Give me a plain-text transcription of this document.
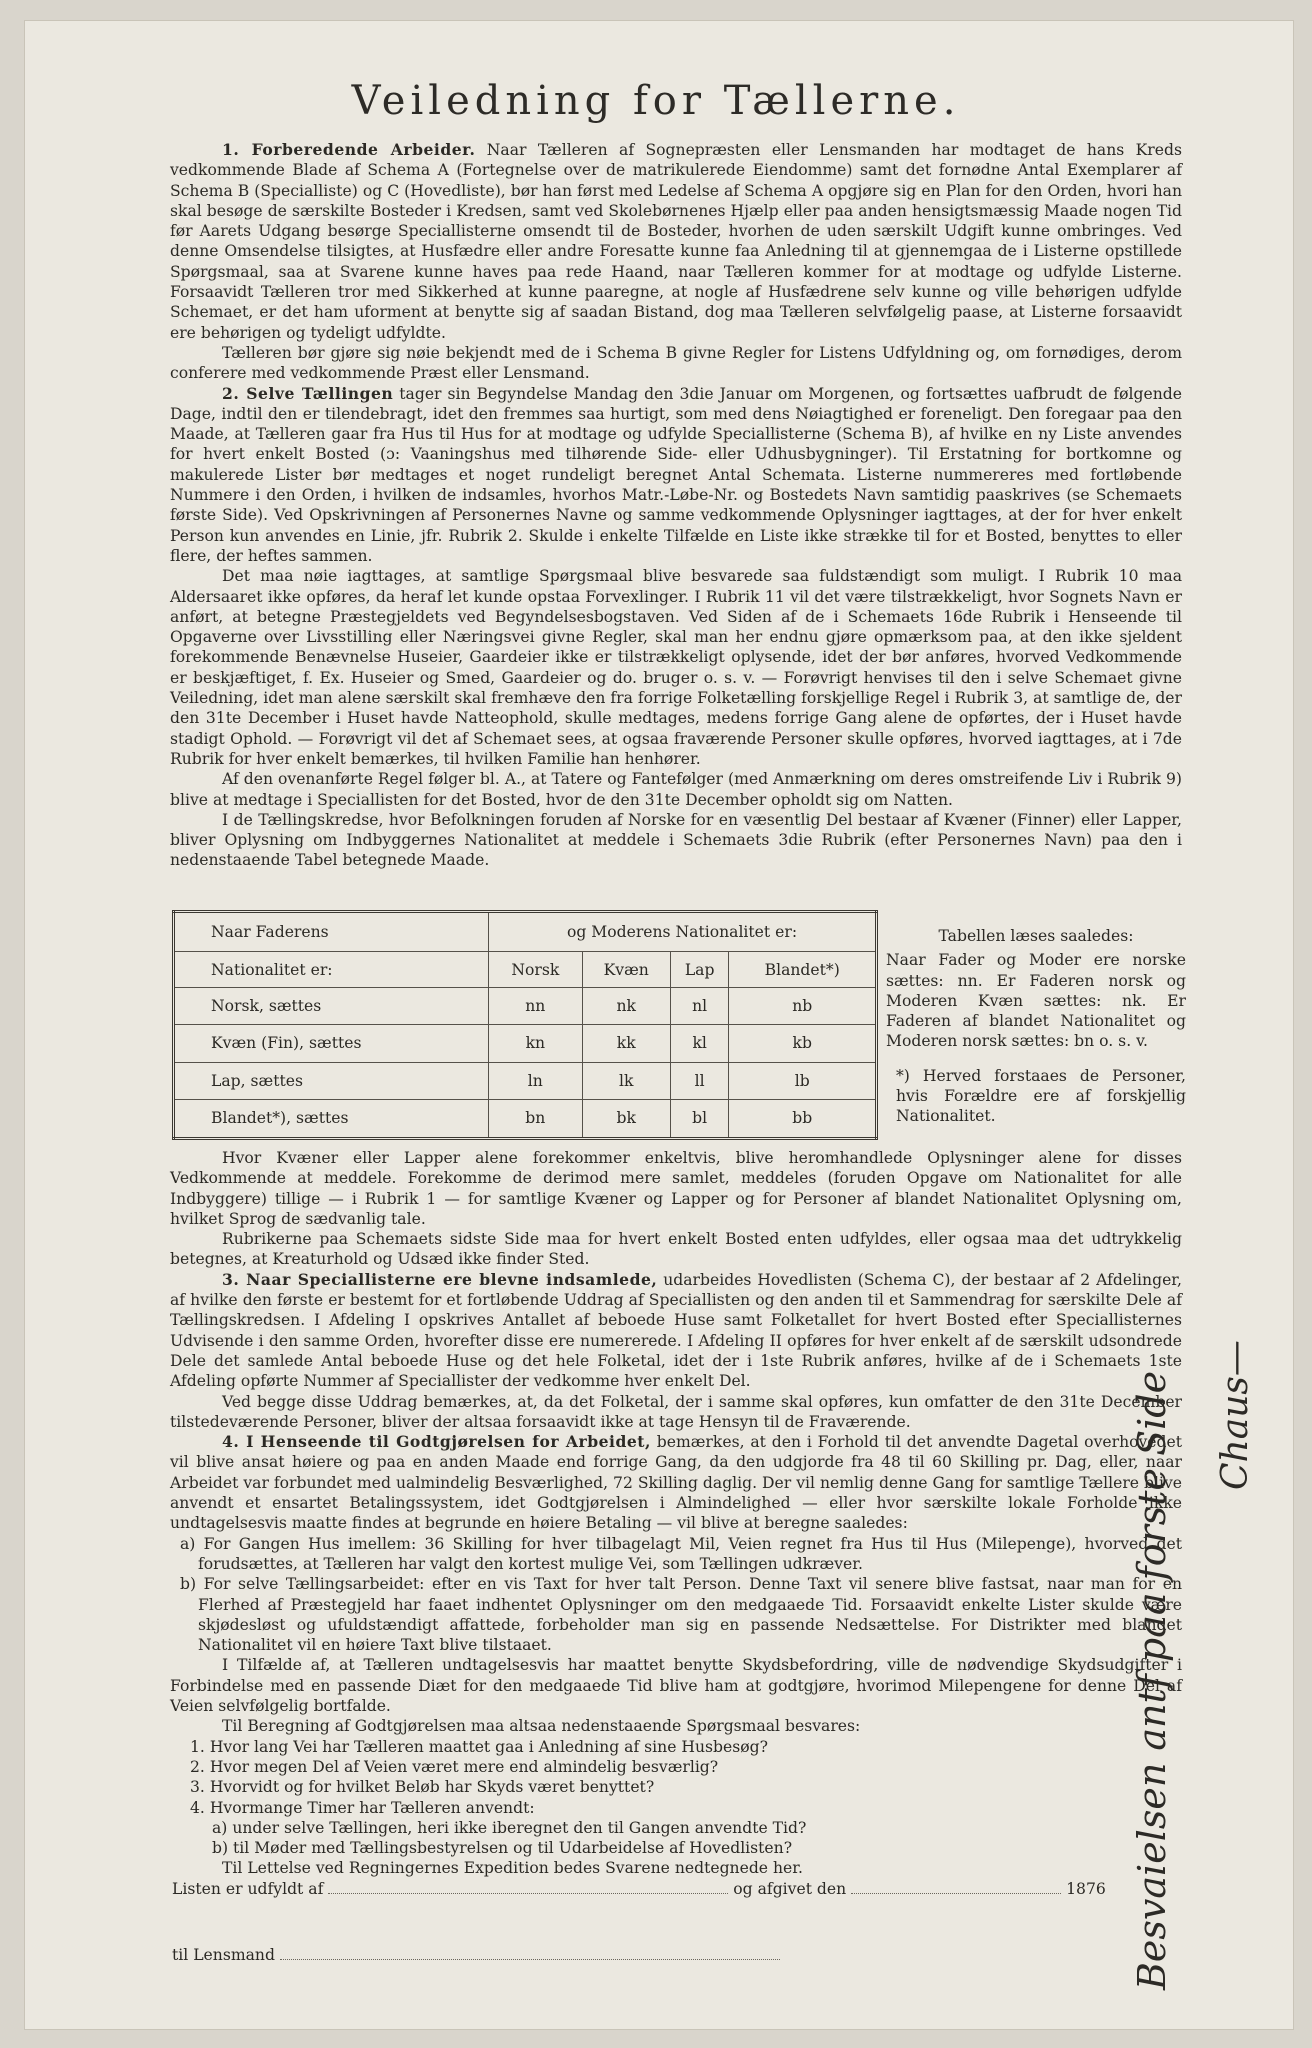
Veiledning for Tællerne.

1. Forberedende Arbeider. Naar Tælleren af Sognepræsten eller Lensmanden har modtaget de hans Kreds vedkommende Blade af Schema A (Fortegnelse over de matrikulerede Eiendomme) samt det fornødne Antal Exemplarer af Schema B (Specialliste) og C (Hovedliste), bør han først med Ledelse af Schema A opgjøre sig en Plan for den Orden, hvori han skal besøge de særskilte Bosteder i Kredsen, samt ved Skolebørnenes Hjælp eller paa anden hensigtsmæssig Maade nogen Tid før Aarets Udgang besørge Speciallisterne omsendt til de Bosteder, hvorhen de uden særskilt Udgift kunne ombringes. Ved denne Omsendelse tilsigtes, at Husfædre eller andre Foresatte kunne faa Anledning til at gjennemgaa de i Listerne opstillede Spørgsmaal, saa at Svarene kunne haves paa rede Haand, naar Tælleren kommer for at modtage og udfylde Listerne. Forsaavidt Tælleren tror med Sikkerhed at kunne paaregne, at nogle af Husfædrene selv kunne og ville behørigen udfylde Schemaet, er det ham uforment at benytte sig af saadan Bistand, dog maa Tælleren selvfølgelig paase, at Listerne forsaavidt ere behørigen og tydeligt udfyldte.

Tælleren bør gjøre sig nøie bekjendt med de i Schema B givne Regler for Listens Udfyldning og, om fornødiges, derom conferere med vedkommende Præst eller Lensmand.

2. Selve Tællingen tager sin Begyndelse Mandag den 3die Januar om Morgenen, og fortsættes uafbrudt de følgende Dage, indtil den er tilendebragt, idet den fremmes saa hurtigt, som med dens Nøiagtighed er foreneligt. Den foregaar paa den Maade, at Tælleren gaar fra Hus til Hus for at modtage og udfylde Speciallisterne (Schema B), af hvilke en ny Liste anvendes for hvert enkelt Bosted (ɔ: Vaaningshus med tilhørende Side- eller Udhusbygninger). Til Erstatning for bortkomne og makulerede Lister bør medtages et noget rundeligt beregnet Antal Schemata. Listerne nummereres med fortløbende Nummere i den Orden, i hvilken de indsamles, hvorhos Matr.-Løbe-Nr. og Bostedets Navn samtidig paaskrives (se Schemaets første Side). Ved Opskrivningen af Personernes Navne og samme vedkommende Oplysninger iagttages, at der for hver enkelt Person kun anvendes en Linie, jfr. Rubrik 2. Skulde i enkelte Tilfælde en Liste ikke strække til for et Bosted, benyttes to eller flere, der heftes sammen.

Det maa nøie iagttages, at samtlige Spørgsmaal blive besvarede saa fuldstændigt som muligt. I Rubrik 10 maa Aldersaaret ikke opføres, da heraf let kunde opstaa Forvexlinger. I Rubrik 11 vil det være tilstrækkeligt, hvor Sognets Navn er anført, at betegne Præstegjeldets ved Begyndelsesbogstaven. Ved Siden af de i Schemaets 16de Rubrik i Henseende til Opgaverne over Livsstilling eller Næringsvei givne Regler, skal man her endnu gjøre opmærksom paa, at den ikke sjeldent forekommende Benævnelse Huseier, Gaardeier ikke er tilstrækkeligt oplysende, idet der bør anføres, hvorved Vedkommende er beskjæftiget, f. Ex. Huseier og Smed, Gaardeier og do. bruger o. s. v. — Forøvrigt henvises til den i selve Schemaet givne Veiledning, idet man alene særskilt skal fremhæve den fra forrige Folketælling forskjellige Regel i Rubrik 3, at samtlige de, der den 31te December i Huset havde Natteophold, skulle medtages, medens forrige Gang alene de opførtes, der i Huset havde stadigt Ophold. — Forøvrigt vil det af Schemaet sees, at ogsaa fraværende Personer skulle opføres, hvorved iagttages, at i 7de Rubrik for hver enkelt bemærkes, til hvilken Familie han henhører.

Af den ovenanførte Regel følger bl. A., at Tatere og Fantefølger (med Anmærkning om deres omstreifende Liv i Rubrik 9) blive at medtage i Speciallisten for det Bosted, hvor de den 31te December opholdt sig om Natten.

I de Tællingskredse, hvor Befolkningen foruden af Norske for en væsentlig Del bestaar af Kvæner (Finner) eller Lapper, bliver Oplysning om Indbyggernes Nationalitet at meddele i Schemaets 3die Rubrik (efter Personernes Navn) paa den i nedenstaaende Tabel betegnede Maade.

Naar Faderens	og Moderens Nationalitet er:			
Nationalitet er:	Norsk	Kvæn	Lap	Blandet*)
Norsk, sættes	nn	nk	nl	nb
Kvæn (Fin), sættes	kn	kk	kl	kb
Lap, sættes	ln	lk	ll	lb
Blandet*), sættes	bn	bk	bl	bb
Tabellen læses saaledes:
Naar Fader og Moder ere norske sættes: nn. Er Faderen norsk og Moderen Kvæn sættes: nk. Er Faderen af blandet Nationalitet og Moderen norsk sættes: bn o. s. v.
*) Herved forstaaes de Personer, hvis Forældre ere af forskjellig Nationalitet.

Hvor Kvæner eller Lapper alene forekommer enkeltvis, blive heromhandlede Oplysninger alene for disses Vedkommende at meddele. Forekomme de derimod mere samlet, meddeles (foruden Opgave om Nationalitet for alle Indbyggere) tillige — i Rubrik 1 — for samtlige Kvæner og Lapper og for Personer af blandet Nationalitet Oplysning om, hvilket Sprog de sædvanlig tale.

Rubrikerne paa Schemaets sidste Side maa for hvert enkelt Bosted enten udfyldes, eller ogsaa maa det udtrykkelig betegnes, at Kreaturhold og Udsæd ikke finder Sted.

3. Naar Speciallisterne ere blevne indsamlede, udarbeides Hovedlisten (Schema C), der bestaar af 2 Afdelinger, af hvilke den første er bestemt for et fortløbende Uddrag af Speciallisten og den anden til et Sammendrag for særskilte Dele af Tællingskredsen. I Afdeling I opskrives Antallet af beboede Huse samt Folketallet for hvert Bosted efter Speciallisternes Udvisende i den samme Orden, hvorefter disse ere numererede. I Afdeling II opføres for hver enkelt af de særskilt udsondrede Dele det samlede Antal beboede Huse og det hele Folketal, idet der i 1ste Rubrik anføres, hvilke af de i Schemaets 1ste Afdeling opførte Nummer af Speciallister der vedkomme hver enkelt Del.

Ved begge disse Uddrag bemærkes, at, da det Folketal, der i samme skal opføres, kun omfatter de den 31te December tilstedeværende Personer, bliver der altsaa forsaavidt ikke at tage Hensyn til de Fraværende.

4. I Henseende til Godtgjørelsen for Arbeidet, bemærkes, at den i Forhold til det anvendte Dagetal overhovedet vil blive ansat høiere og paa en anden Maade end forrige Gang, da den udgjorde fra 48 til 60 Skilling pr. Dag, eller, naar Arbeidet var forbundet med ualmindelig Besværlighed, 72 Skilling daglig. Der vil nemlig denne Gang for samtlige Tællere blive anvendt et ensartet Betalingssystem, idet Godtgjørelsen i Almindelighed — eller hvor særskilte lokale Forholde ikke undtagelsesvis maatte findes at begrunde en høiere Betaling — vil blive at beregne saaledes:

a) For Gangen Hus imellem: 36 Skilling for hver tilbagelagt Mil, Veien regnet fra Hus til Hus (Milepenge), hvorved det forudsættes, at Tælleren har valgt den kortest mulige Vei, som Tællingen udkræver.

b) For selve Tællingsarbeidet: efter en vis Taxt for hver talt Person. Denne Taxt vil senere blive fastsat, naar man for en Flerhed af Præstegjeld har faaet indhentet Oplysninger om den medgaaede Tid. Forsaavidt enkelte Lister skulde være skjødesløst og ufuldstændigt affattede, forbeholder man sig en passende Nedsættelse. For Distrikter med blandet Nationalitet vil en høiere Taxt blive tilstaaet.

I Tilfælde af, at Tælleren undtagelsesvis har maattet benytte Skydsbefordring, ville de nødvendige Skydsudgifter i Forbindelse med en passende Diæt for den medgaaede Tid blive ham at godtgjøre, hvorimod Milepengene for denne Del af Veien selvfølgelig bortfalde.

Til Beregning af Godtgjørelsen maa altsaa nedenstaaende Spørgsmaal besvares:

1. Hvor lang Vei har Tælleren maattet gaa i Anledning af sine Husbesøg?

2. Hvor megen Del af Veien været mere end almindelig besværlig?

3. Hvorvidt og for hvilket Beløb har Skyds været benyttet?

4. Hvormange Timer har Tælleren anvendt:

a) under selve Tællingen, heri ikke iberegnet den til Gangen anvendte Tid?

b) til Møder med Tællingsbestyrelsen og til Udarbeidelse af Hovedlisten?

Til Lettelse ved Regningernes Expedition bedes Svarene nedtegnede her.

Listen er udfyldt af	og afgivet den	1876
til Lensmand	Besvaielsen antf paa forste Side Chaus—
